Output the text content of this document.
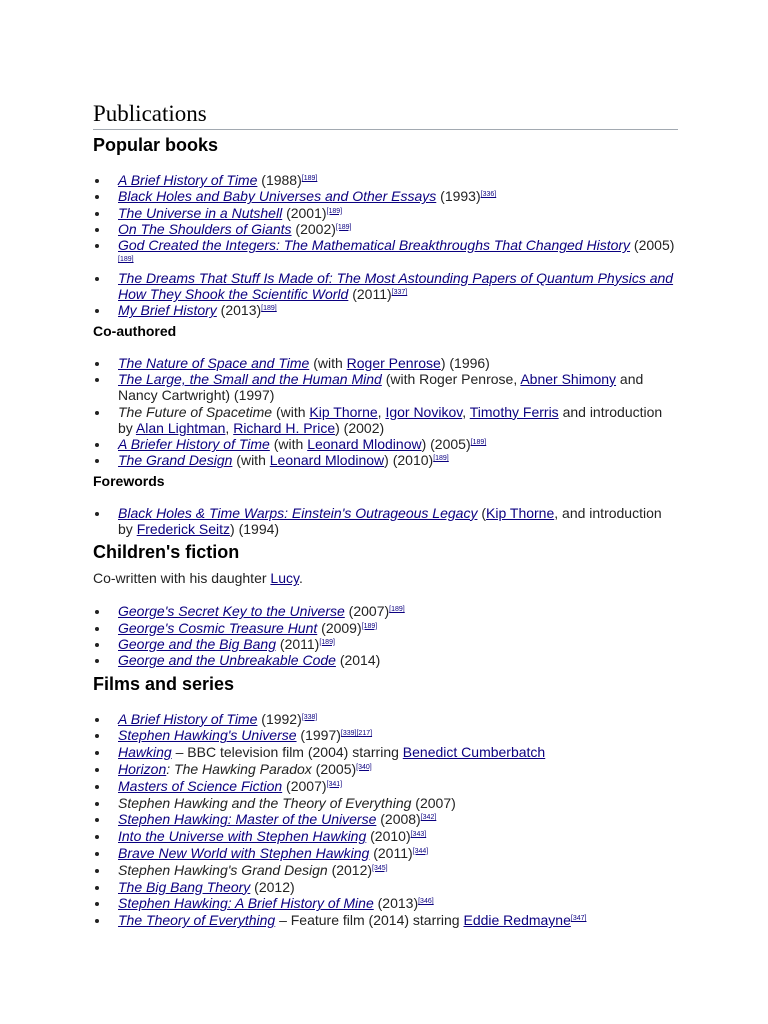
Publications
Popular books
A Brief History of Time (1988)[189]
Black Holes and Baby Universes and Other Essays (1993)[336]
The Universe in a Nutshell (2001)[189]
On The Shoulders of Giants (2002)[189]
God Created the Integers: The Mathematical Breakthroughs That Changed History (2005)[189]
The Dreams That Stuff Is Made of: The Most Astounding Papers of Quantum Physics and How They Shook the Scientific World (2011)[337]
My Brief History (2013)[189]
Co-authored
The Nature of Space and Time (with Roger Penrose) (1996)
The Large, the Small and the Human Mind (with Roger Penrose, Abner Shimony and Nancy Cartwright) (1997)
The Future of Spacetime (with Kip Thorne, Igor Novikov, Timothy Ferris and introduction by Alan Lightman, Richard H. Price) (2002)
A Briefer History of Time (with Leonard Mlodinow) (2005)[189]
The Grand Design (with Leonard Mlodinow) (2010)[189]
Forewords
Black Holes & Time Warps: Einstein's Outrageous Legacy (Kip Thorne, and introduction by Frederick Seitz) (1994)
Children's fiction

Co-written with his daughter Lucy.

George's Secret Key to the Universe (2007)[189]
George's Cosmic Treasure Hunt (2009)[189]
George and the Big Bang (2011)[189]
George and the Unbreakable Code (2014)
Films and series
A Brief History of Time (1992)[338]
Stephen Hawking's Universe (1997)[339][217]
Hawking – BBC television film (2004) starring Benedict Cumberbatch
Horizon: The Hawking Paradox (2005)[340]
Masters of Science Fiction (2007)[341]
Stephen Hawking and the Theory of Everything (2007)
Stephen Hawking: Master of the Universe (2008)[342]
Into the Universe with Stephen Hawking (2010)[343]
Brave New World with Stephen Hawking (2011)[344]
Stephen Hawking's Grand Design (2012)[345]
The Big Bang Theory (2012)
Stephen Hawking: A Brief History of Mine (2013)[346]
The Theory of Everything – Feature film (2014) starring Eddie Redmayne[347]
